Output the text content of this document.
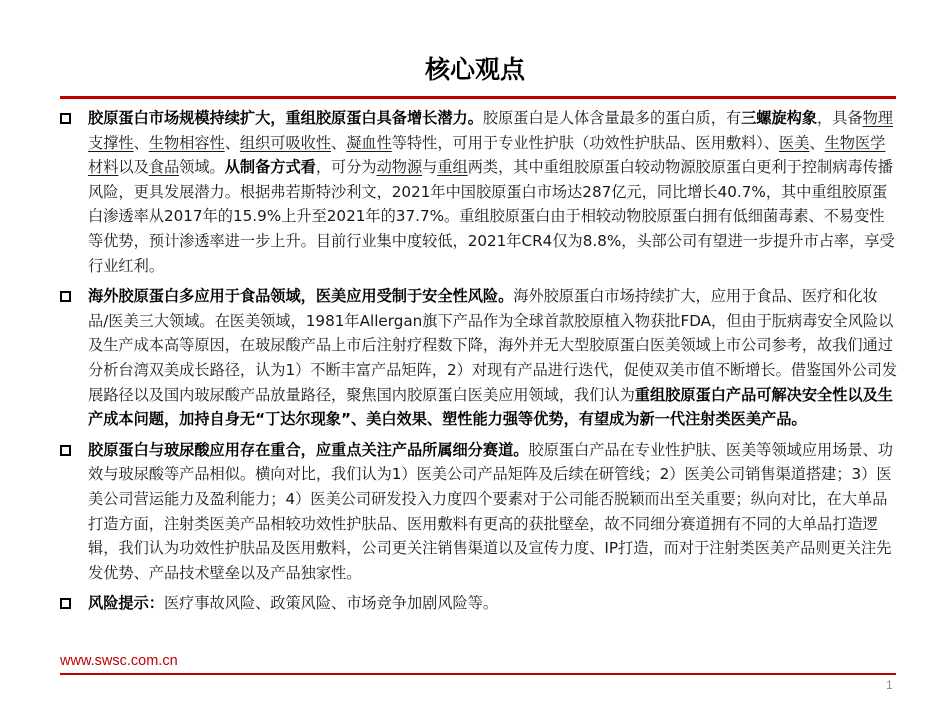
核心观点
胶原蛋白市场规模持续扩大，重组胶原蛋白具备增长潜力。胶原蛋白是人体含量最多的蛋白质，有三螺旋构象，具备物理支撑性、生物相容性、组织可吸收性、凝血性等特性，可用于专业性护肤（功效性护肤品、医用敷料）、医美、生物医学材料以及食品领域。从制备方式看，可分为动物源与重组两类，其中重组胶原蛋白较动物源胶原蛋白更利于控制病毒传播风险，更具发展潜力。根据弗若斯特沙利文，2021年中国胶原蛋白市场达287亿元，同比增长40.7%，其中重组胶原蛋白渗透率从2017年的15.9%上升至2021年的37.7%。重组胶原蛋白由于相较动物胶原蛋白拥有低细菌毒素、不易变性等优势，预计渗透率进一步上升。目前行业集中度较低，2021年CR4仅为8.8%，头部公司有望进一步提升市占率，享受行业红利。
海外胶原蛋白多应用于食品领域，医美应用受制于安全性风险。海外胶原蛋白市场持续扩大，应用于食品、医疗和化妆品/医美三大领域。在医美领域，1981年Allergan旗下产品作为全球首款胶原植入物获批FDA，但由于朊病毒安全风险以及生产成本高等原因，在玻尿酸产品上市后注射疗程数下降，海外并无大型胶原蛋白医美领域上市公司参考，故我们通过分析台湾双美成长路径，认为1）不断丰富产品矩阵，2）对现有产品进行迭代，促使双美市值不断增长。借鉴国外公司发展路径以及国内玻尿酸产品放量路径，聚焦国内胶原蛋白医美应用领域，我们认为重组胶原蛋白产品可解决安全性以及生产成本问题，加持自身无“丁达尔现象”、美白效果、塑性能力强等优势，有望成为新一代注射类医美产品。
胶原蛋白与玻尿酸应用存在重合，应重点关注产品所属细分赛道。胶原蛋白产品在专业性护肤、医美等领域应用场景、功效与玻尿酸等产品相似。横向对比，我们认为1）医美公司产品矩阵及后续在研管线；2）医美公司销售渠道搭建；3）医美公司营运能力及盈利能力；4）医美公司研发投入力度四个要素对于公司能否脱颖而出至关重要；纵向对比，在大单品打造方面，注射类医美产品相较功效性护肤品、医用敷料有更高的获批壁垒，故不同细分赛道拥有不同的大单品打造逻辑，我们认为功效性护肤品及医用敷料，公司更关注销售渠道以及宣传力度、IP打造，而对于注射类医美产品则更关注先发优势、产品技术壁垒以及产品独家性。
风险提示：医疗事故风险、政策风险、市场竞争加剧风险等。
www.swsc.com.cn
1
